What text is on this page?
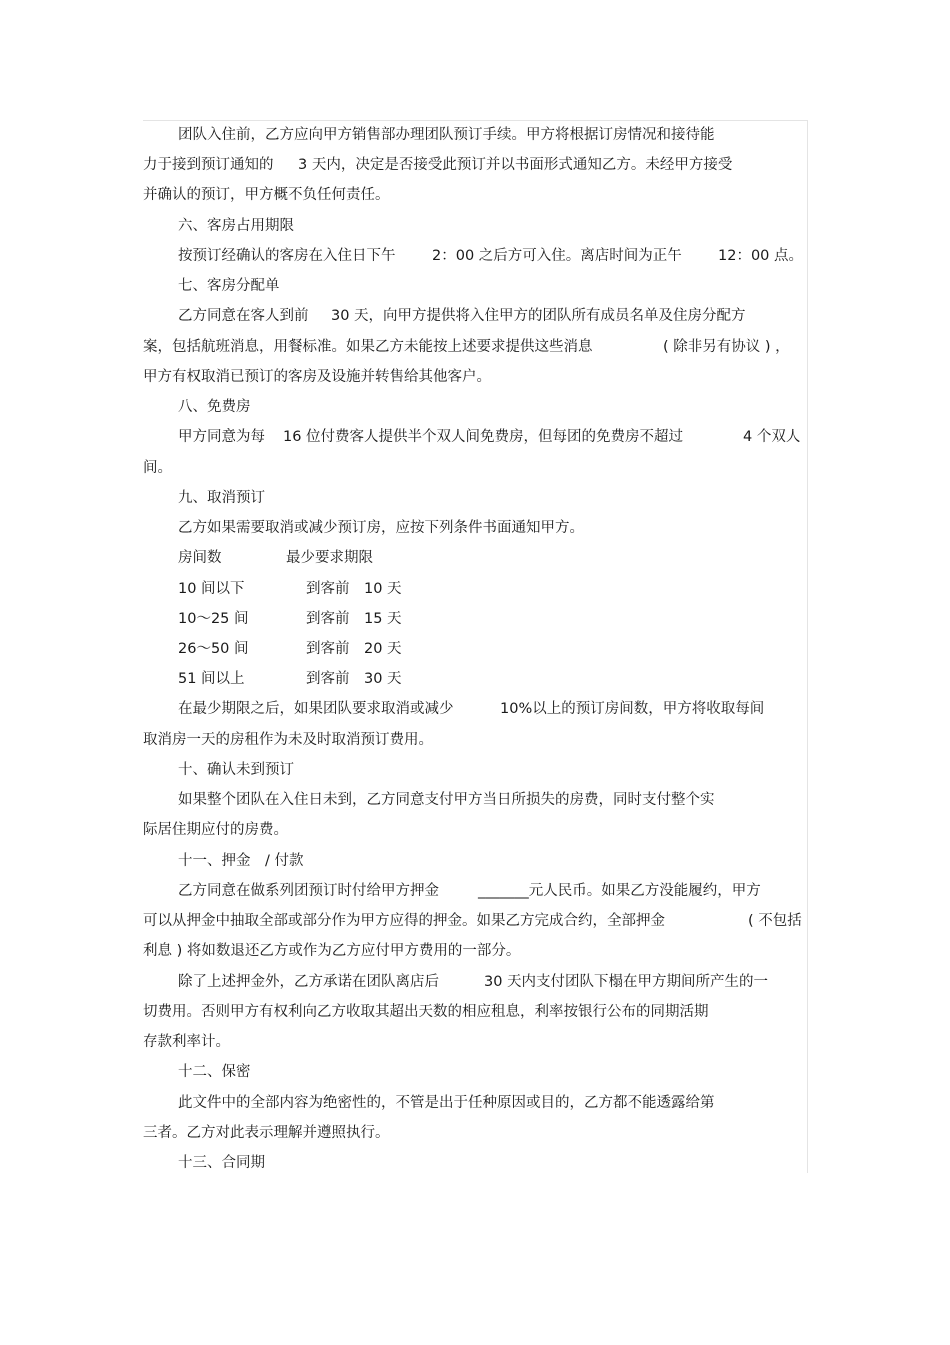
团队入住前，乙方应向甲方销售部办理团队预订手续。甲方将根据订房情况和接待能
力于接到预订通知的 3 天内，决定是否接受此预订并以书面形式通知乙方。未经甲方接受
并确认的预订，甲方概不负任何责任。
六、客房占用期限
按预订经确认的客房在入住日下午	2：00 之后方可入住。离店时间为正午 12：00 点。
七、客房分配单
乙方同意在客人到前 30 天，向甲方提供将入住甲方的团队所有成员名单及住房分配方
案，包括航班消息，用餐标准。如果乙方未能按上述要求提供这些消息	( 除非另有协议 ) ，
甲方有权取消已预订的客房及设施并转售给其他客户。
八、免费房
甲方同意为每 16 位付费客人提供半个双人间免费房，但每团的免费房不超过	4 个双人
间。
九、取消预订
乙方如果需要取消或减少预订房，应按下列条件书面通知甲方。
房间数	最少要求期限
10 间以下	到客前　10 天
10～25 间	到客前　15 天
26～50 间	到客前　20 天
51 间以上	到客前　30 天
在最少期限之后，如果团队要求取消或减少	10%以上的预订房间数，甲方将收取每间
取消房一天的房租作为未及时取消预订费用。
十、确认未到预订
如果整个团队在入住日未到，乙方同意支付甲方当日所损失的房费，同时支付整个实
际居住期应付的房费。
十一、押金　/ 付款
乙方同意在做系列团预订时付给甲方押金	_______元人民币。如果乙方没能履约，甲方
可以从押金中抽取全部或部分作为甲方应得的押金。如果乙方完成合约，全部押金	( 不包括
利息 ) 将如数退还乙方或作为乙方应付甲方费用的一部分。
除了上述押金外，乙方承诺在团队离店后	30 天内支付团队下榻在甲方期间所产生的一
切费用。否则甲方有权利向乙方收取其超出天数的相应租息，利率按银行公布的同期活期
存款利率计。
十二、保密
此文件中的全部内容为绝密性的，不管是出于任种原因或目的，乙方都不能透露给第
三者。乙方对此表示理解并遵照执行。
十三、合同期
